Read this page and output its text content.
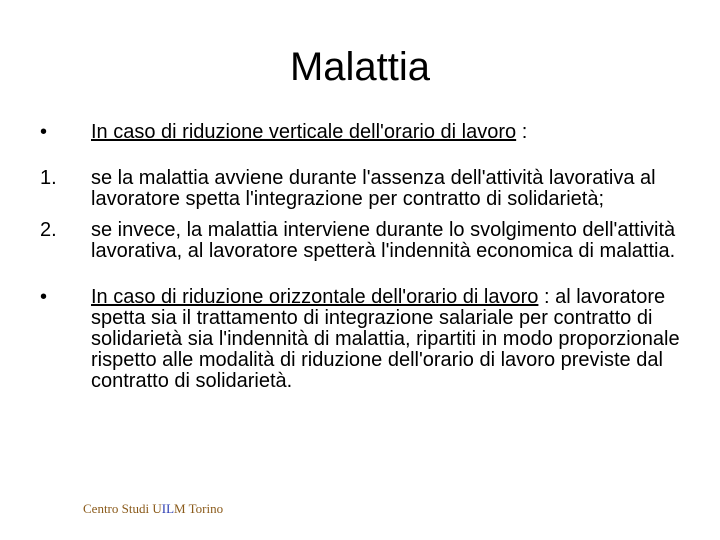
Malattia
•	In caso di riduzione verticale dell'orario di lavoro :
1.	se la malattia avviene durante l'assenza dell'attività lavorativa al lavoratore spetta l'integrazione per contratto di solidarietà;
2.	se invece, la malattia interviene durante lo svolgimento dell'attività lavorativa, al lavoratore spetterà l'indennità economica di malattia.
•	In caso di riduzione orizzontale dell'orario di lavoro : al lavoratore spetta sia il trattamento di integrazione salariale per contratto di solidarietà sia l'indennità di malattia, ripartiti in modo proporzionale rispetto alle modalità di riduzione dell'orario di lavoro previste dal contratto di solidarietà.
Centro Studi UILM Torino
